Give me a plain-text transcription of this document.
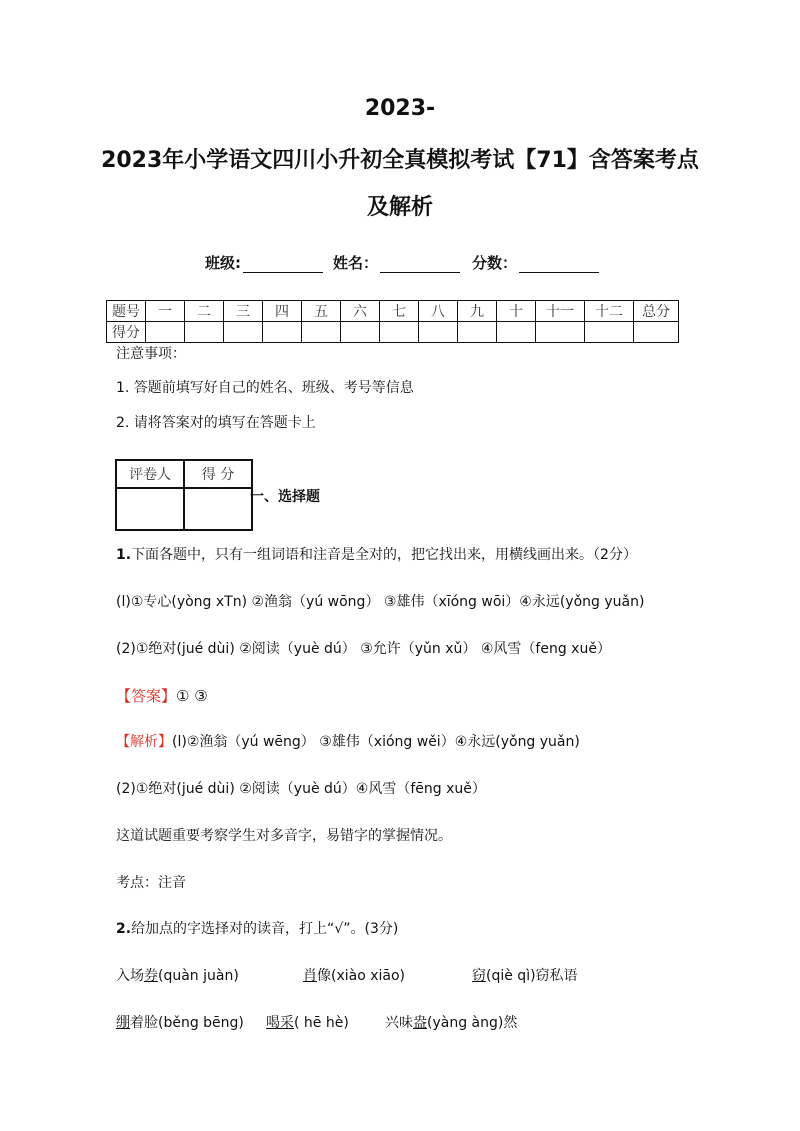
2023-
2023年小学语文四川小升初全真模拟考试【71】含答案考点
及解析
班级:	姓名：	分数：
题号	一	二	三	四	五	六	七	八	九	十	十一	十二	总分
得分													
注意事项：
1. 答题前填写好自己的姓名、班级、考号等信息
2. 请将答案对的填写在答题卡上
评卷人	得 分

一、选择题
1.下面各题中，只有一组词语和注音是全对的，把它找出来，用横线画出来。（2分）
(l)①专心(yòng xTn) ②渔翁（yú wōng） ③雄伟（xīóng wōi）④永远(yǒng yuǎn)
(2)①绝对(jué dùi) ②阅读（yuè dú） ③允许（yǔn xǔ） ④风雪（feng xuě）
【答案】① ③
【解析】(l)②渔翁（yú wēng） ③雄伟（xióng wěi）④永远(yǒng yuǎn)
(2)①绝对(jué dùi) ②阅读（yuè dú）④风雪（fēng xuě）
这道试题重要考察学生对多音字，易错字的掌握情况。
考点：注音
2.给加点的字选择对的读音，打上“√”。(3分)
入场券(quàn juàn)	肖像(xiào xiāo)	窃(qiè qì)窃私语
绷着脸(běng bēng) 喝采( hē hè)	兴味盎(yàng àng)然
